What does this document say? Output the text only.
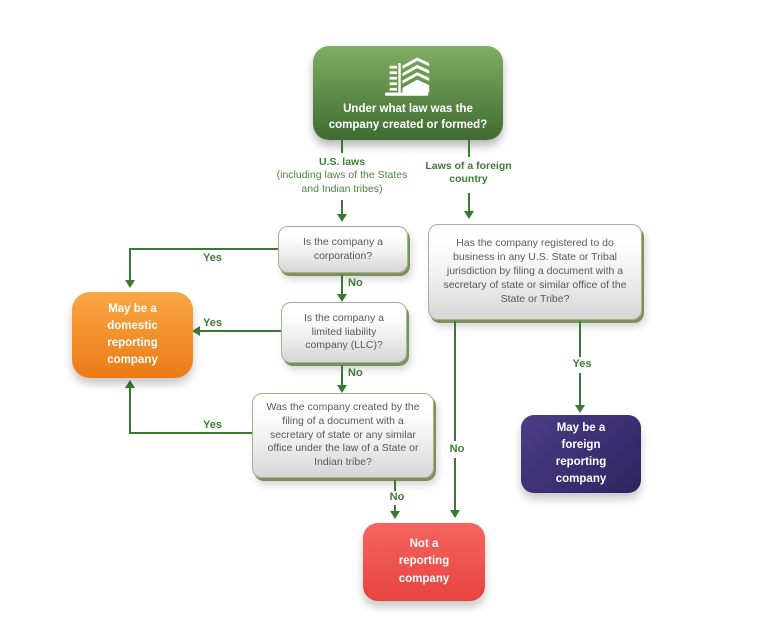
Under what law was the company created or formed?
U.S. laws
(including laws of the States and Indian tribes)
Laws of a foreign country
Is the company a corporation?
No
Is the company a limited liability company (LLC)?
No
Was the company created by the filing of a document with a secretary of state or any similar office under the law of a State or Indian tribe?
No
Yes
Yes
Yes
May be a domestic reporting company
Has the company registered to do business in any U.S. State or Tribal jurisdiction by filing a document with a secretary of state or similar office of the State or Tribe?
No
Yes
May be a foreign reporting company
Not a reporting company
